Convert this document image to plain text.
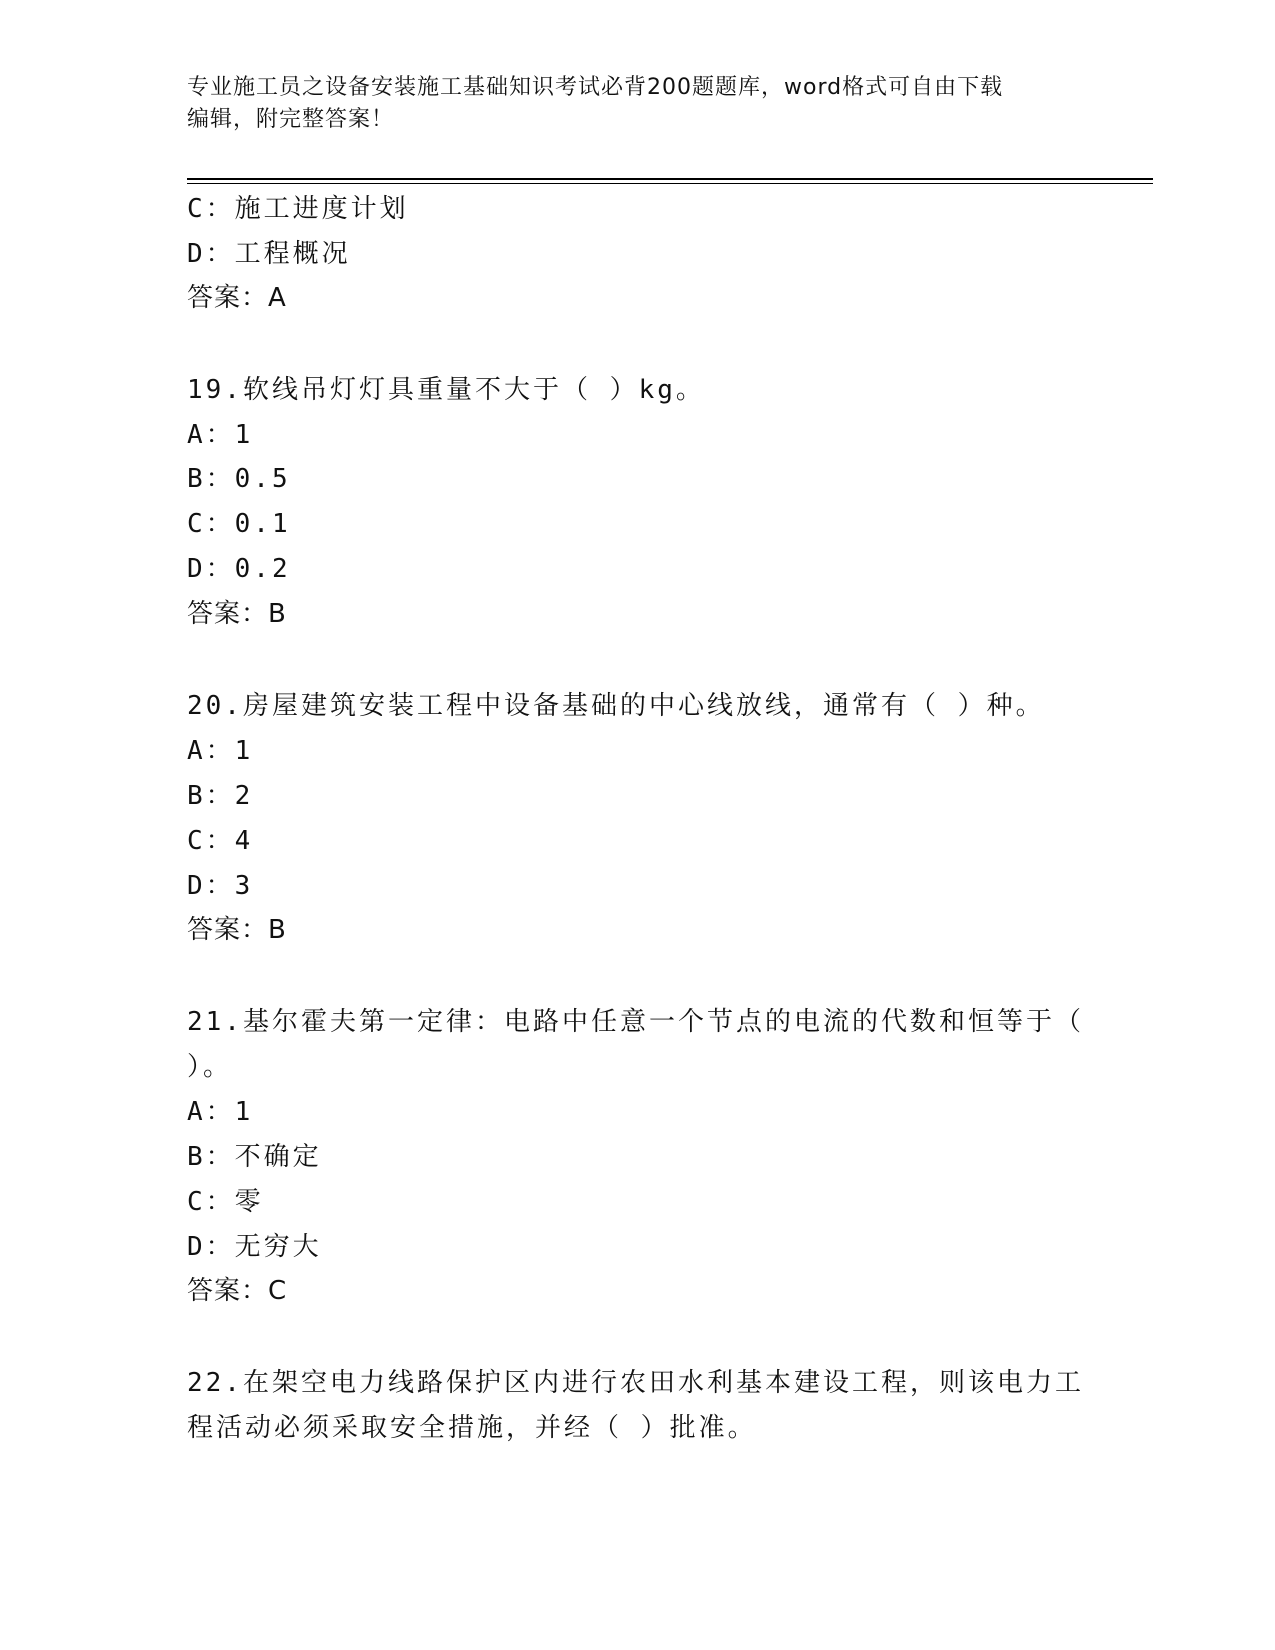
专业施工员之设备安装施工基础知识考试必背200题题库，word格式可自由下载
编辑，附完整答案！
C：施工进度计划
D：工程概况
答案：A
19.软线吊灯灯具重量不大于（ ）kg。
A：1
B：0.5
C：0.1
D：0.2
答案：B
20.房屋建筑安装工程中设备基础的中心线放线，通常有（ ）种。
A：1
B：2
C：4
D：3
答案：B
21.基尔霍夫第一定律：电路中任意一个节点的电流的代数和恒等于（
）。
A：1
B：不确定
C：零
D：无穷大
答案：C
22.在架空电力线路保护区内进行农田水利基本建设工程，则该电力工
程活动必须采取安全措施，并经（ ）批准。
